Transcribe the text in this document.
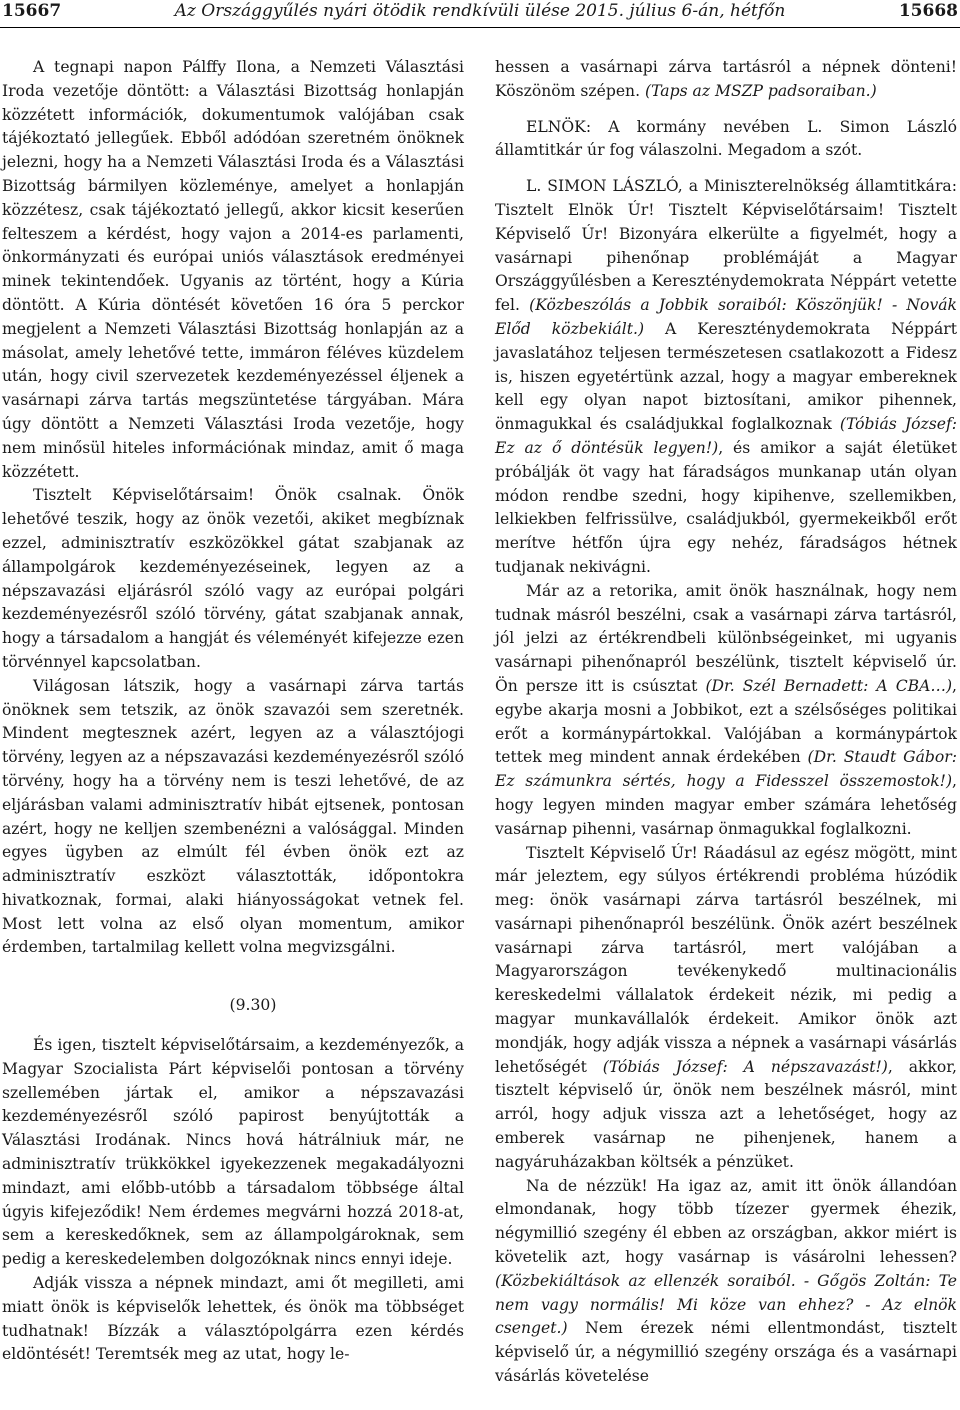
15667	Az Országgyűlés nyári ötödik rendkívüli ülése 2015. július 6-án, hétfőn	15668

A tegnapi napon Pálffy Ilona, a Nemzeti Választási Iroda vezetője döntött: a Választási Bizottság honlapján közzétett információk, dokumentumok valójában csak tájékoztató jellegűek. Ebből adódóan szeretném önöknek jelezni, hogy ha a Nemzeti Választási Iroda és a Választási Bizottság bármilyen közleménye, amelyet a honlapján közzétesz, csak tájékoztató jellegű, akkor kicsit keserűen felteszem a kérdést, hogy vajon a 2014-es parlamenti, önkormányzati és európai uniós választások eredményei minek tekintendőek. Ugyanis az történt, hogy a Kúria döntött. A Kúria döntését követően 16 óra 5 perckor megjelent a Nemzeti Választási Bizottság honlapján az a másolat, amely lehetővé tette, immáron féléves küzdelem után, hogy civil szervezetek kezdeményezéssel éljenek a vasárnapi zárva tartás megszüntetése tárgyában. Mára úgy döntött a Nemzeti Választási Iroda vezetője, hogy nem minősül hiteles információnak mindaz, amit ő maga közzétett.

Tisztelt Képviselőtársaim! Önök csalnak. Önök lehetővé teszik, hogy az önök vezetői, akiket megbíznak ezzel, adminisztratív eszközökkel gátat szabjanak az állampolgárok kezdeményezéseinek, legyen az a népszavazási eljárásról szóló vagy az európai polgári kezdeményezésről szóló törvény, gátat szabjanak annak, hogy a társadalom a hangját és véleményét kifejezze ezen törvénnyel kapcsolatban.

Világosan látszik, hogy a vasárnapi zárva tartás önöknek sem tetszik, az önök szavazói sem szeretnék. Mindent megtesznek azért, legyen az a választójogi törvény, legyen az a népszavazási kezdeményezésről szóló törvény, hogy ha a törvény nem is teszi lehetővé, de az eljárásban valami adminisztratív hibát ejtsenek, pontosan azért, hogy ne kelljen szembenézni a valósággal. Minden egyes ügyben az elmúlt fél évben önök ezt az adminisztratív eszközt választották, időpontokra hivatkoznak, formai, alaki hiányosságokat vetnek fel. Most lett volna az első olyan momentum, amikor érdemben, tartalmilag kellett volna megvizsgálni.

(9.30)

És igen, tisztelt képviselőtársaim, a kezdeményezők, a Magyar Szocialista Párt képviselői pontosan a törvény szellemében jártak el, amikor a népszavazási kezdeményezésről szóló papirost benyújtották a Választási Irodának. Nincs hová hátrálniuk már, ne adminisztratív trükkökkel igyekezzenek megakadályozni mindazt, ami előbb-utóbb a társadalom többsége által úgyis kifejeződik! Nem érdemes megvárni hozzá 2018-at, sem a kereskedőknek, sem az állampolgároknak, sem pedig a kereskedelemben dolgozóknak nincs ennyi ideje.

Adják vissza a népnek mindazt, ami őt megilleti, ami miatt önök is képviselők lehettek, és önök ma többséget tudhatnak! Bízzák a választópolgárra ezen kérdés eldöntését! Teremtsék meg az utat, hogy le-

hessen a vasárnapi zárva tartásról a népnek dönteni! Köszönöm szépen. (Taps az MSZP padsoraiban.)

ELNÖK: A kormány nevében L. Simon László államtitkár úr fog válaszolni. Megadom a szót.

L. SIMON LÁSZLÓ, a Miniszterelnökség államtitkára: Tisztelt Elnök Úr! Tisztelt Képviselőtársaim! Tisztelt Képviselő Úr! Bizonyára elkerülte a figyelmét, hogy a vasárnapi pihenőnap problémáját a Magyar Országgyűlésben a Kereszténydemokrata Néppárt vetette fel. (Közbeszólás a Jobbik soraiból: Köszönjük! - Novák Előd közbekiált.) A Kereszténydemokrata Néppárt javaslatához teljesen természetesen csatlakozott a Fidesz is, hiszen egyetértünk azzal, hogy a magyar embereknek kell egy olyan napot biztosítani, amikor pihennek, önmagukkal és családjukkal foglalkoznak (Tóbiás József: Ez az ő döntésük legyen!), és amikor a saját életüket próbálják öt vagy hat fáradságos munkanap után olyan módon rendbe szedni, hogy kipihenve, szellemikben, lelkiekben felfrissülve, családjukból, gyermekeikből erőt merítve hétfőn újra egy nehéz, fáradságos hétnek tudjanak nekivágni.

Már az a retorika, amit önök használnak, hogy nem tudnak másról beszélni, csak a vasárnapi zárva tartásról, jól jelzi az értékrendbeli különbségeinket, mi ugyanis vasárnapi pihenőnapról beszélünk, tisztelt képviselő úr. Ön persze itt is csúsztat (Dr. Szél Bernadett: A CBA…), egybe akarja mosni a Jobbikot, ezt a szélsőséges politikai erőt a kormánypártokkal. Valójában a kormánypártok tettek meg mindent annak érdekében (Dr. Staudt Gábor: Ez számunkra sértés, hogy a Fidesszel összemostok!), hogy legyen minden magyar ember számára lehetőség vasárnap pihenni, vasárnap önmagukkal foglalkozni.

Tisztelt Képviselő Úr! Ráadásul az egész mögött, mint már jeleztem, egy súlyos értékrendi probléma húzódik meg: önök vasárnapi zárva tartásról beszélnek, mi vasárnapi pihenőnapról beszélünk. Önök azért beszélnek vasárnapi zárva tartásról, mert valójában a Magyarországon tevékenykedő multinacionális kereskedelmi vállalatok érdekeit nézik, mi pedig a magyar munkavállalók érdekeit. Amikor önök azt mondják, hogy adják vissza a népnek a vasárnapi vásárlás lehetőségét (Tóbiás József: A népszavazást!), akkor, tisztelt képviselő úr, önök nem beszélnek másról, mint arról, hogy adjuk vissza azt a lehetőséget, hogy az emberek vasárnap ne pihenjenek, hanem a nagyáruházakban költsék a pénzüket.

Na de nézzük! Ha igaz az, amit itt önök állandóan elmondanak, hogy több tízezer gyermek éhezik, négymillió szegény él ebben az országban, akkor miért is követelik azt, hogy vasárnap is vásárolni lehessen? (Közbekiáltások az ellenzék soraiból. - Gőgös Zoltán: Te nem vagy normális! Mi köze van ehhez? - Az elnök csenget.) Nem érezek némi ellentmondást, tisztelt képviselő úr, a négymillió szegény országa és a vasárnapi vásárlás követelése
